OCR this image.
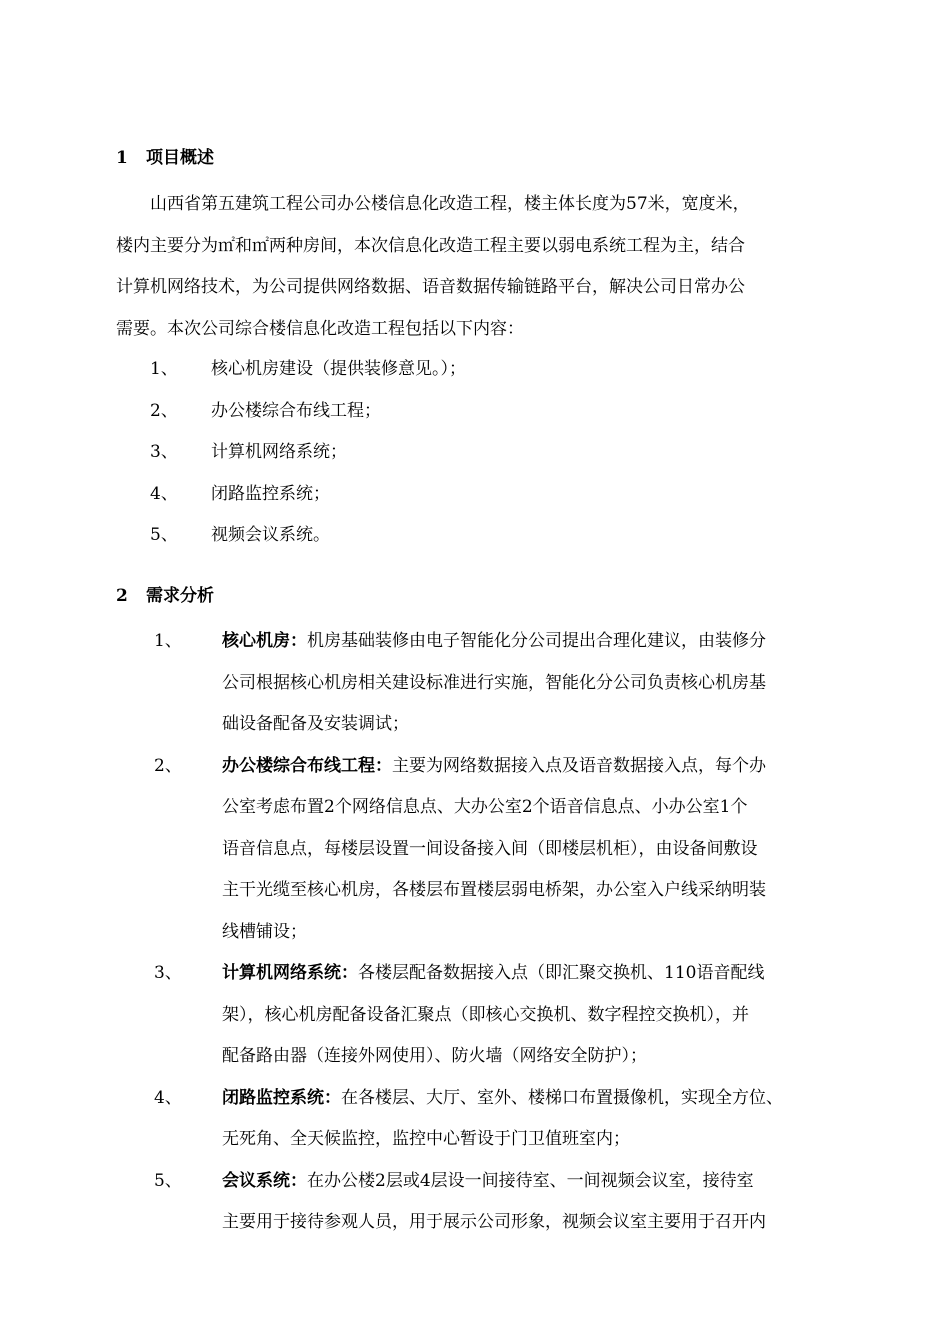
1 项目概述

山西省第五建筑工程公司办公楼信息化改造工程，楼主体长度为57米，宽度米，

楼内主要分为㎡和㎡两种房间，本次信息化改造工程主要以弱电系统工程为主，结合

计算机网络技术，为公司提供网络数据、语音数据传输链路平台，解决公司日常办公

需要。本次公司综合楼信息化改造工程包括以下内容：

1、 核心机房建设（提供装修意见。）；
2、 办公楼综合布线工程；
3、 计算机网络系统；
4、 闭路监控系统；
5、 视频会议系统。
2 需求分析
1、 核心机房：机房基础装修由电子智能化分公司提出合理化建议，由装修分

公司根据核心机房相关建设标准进行实施，智能化分公司负责核心机房基

础设备配备及安装调试；

2、 办公楼综合布线工程：主要为网络数据接入点及语音数据接入点，每个办

公室考虑布置2个网络信息点、大办公室2个语音信息点、小办公室1个

语音信息点，每楼层设置一间设备接入间（即楼层机柜），由设备间敷设

主干光缆至核心机房，各楼层布置楼层弱电桥架，办公室入户线采纳明装

线槽铺设；

3、 计算机网络系统：各楼层配备数据接入点（即汇聚交换机、110语音配线

架），核心机房配备设备汇聚点（即核心交换机、数字程控交换机），并

配备路由器（连接外网使用）、防火墙（网络安全防护）；

4、 闭路监控系统：在各楼层、大厅、室外、楼梯口布置摄像机，实现全方位、

无死角、全天候监控，监控中心暂设于门卫值班室内；

5、 会议系统：在办公楼2层或4层设一间接待室、一间视频会议室，接待室

主要用于接待参观人员，用于展示公司形象，视频会议室主要用于召开内
